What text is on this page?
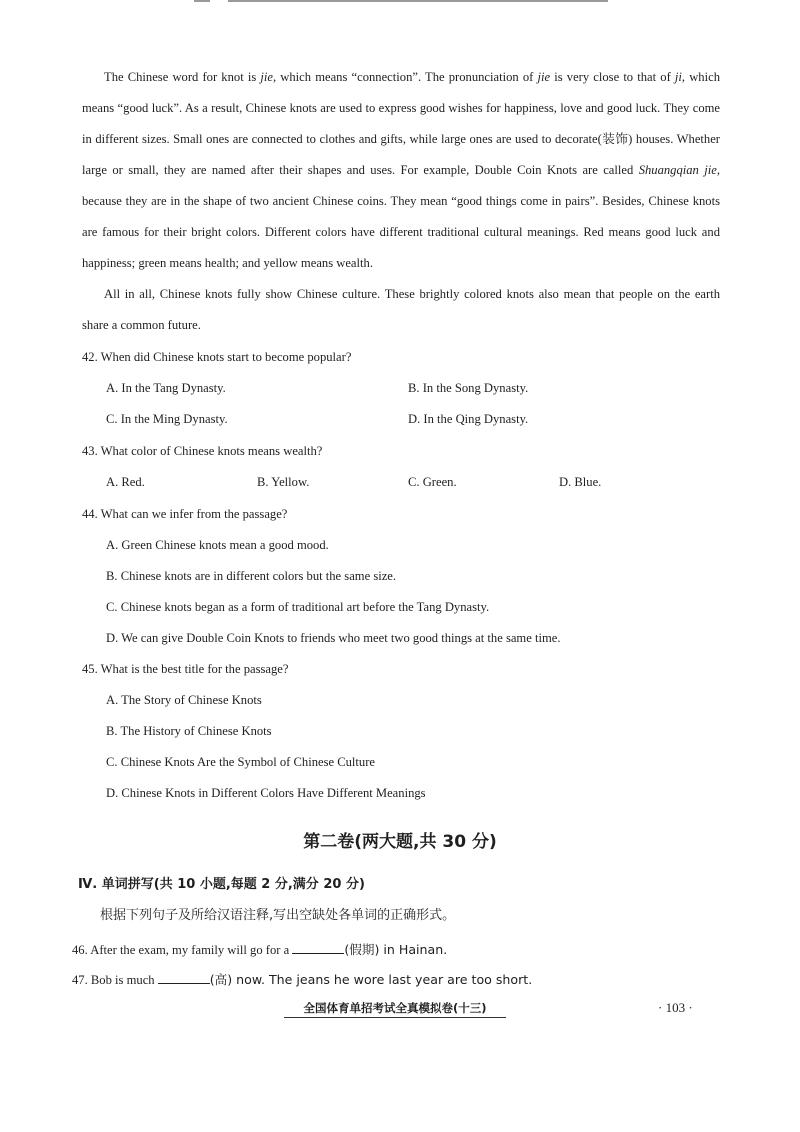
The Chinese word for knot is jie, which means “connection”. The pronunciation of jie is very close to that of ji, which means “good luck”. As a result, Chinese knots are used to express good wishes for happiness, love and good luck. They come in different sizes. Small ones are connected to clothes and gifts, while large ones are used to decorate(装饰) houses. Whether large or small, they are named after their shapes and uses. For example, Double Coin Knots are called Shuangqian jie, because they are in the shape of two ancient Chinese coins. They mean “good things come in pairs”. Besides, Chinese knots are famous for their bright colors. Different colors have different traditional cultural meanings. Red means good luck and happiness; green means health; and yellow means wealth.
All in all, Chinese knots fully show Chinese culture. These brightly colored knots also mean that people on the earth share a common future.
42. When did Chinese knots start to become popular?
A. In the Tang Dynasty.	B. In the Song Dynasty.
C. In the Ming Dynasty.	D. In the Qing Dynasty.
43. What color of Chinese knots means wealth?
A. Red.	B. Yellow.	C. Green.	D. Blue.
44. What can we infer from the passage?
A. Green Chinese knots mean a good mood.
B. Chinese knots are in different colors but the same size.
C. Chinese knots began as a form of traditional art before the Tang Dynasty.
D. We can give Double Coin Knots to friends who meet two good things at the same time.
45. What is the best title for the passage?
A. The Story of Chinese Knots
B. The History of Chinese Knots
C. Chinese Knots Are the Symbol of Chinese Culture
D. Chinese Knots in Different Colors Have Different Meanings
第二卷(两大题,共 30 分)
Ⅳ. 单词拼写(共 10 小题,每题 2 分,满分 20 分)
根据下列句子及所给汉语注释,写出空缺处各单词的正确形式。
46. After the exam, my family will go for a	(假期) in Hainan.
47. Bob is much	(高) now. The jeans he wore last year are too short.
全国体育单招考试全真模拟卷(十三)	· 103 ·
